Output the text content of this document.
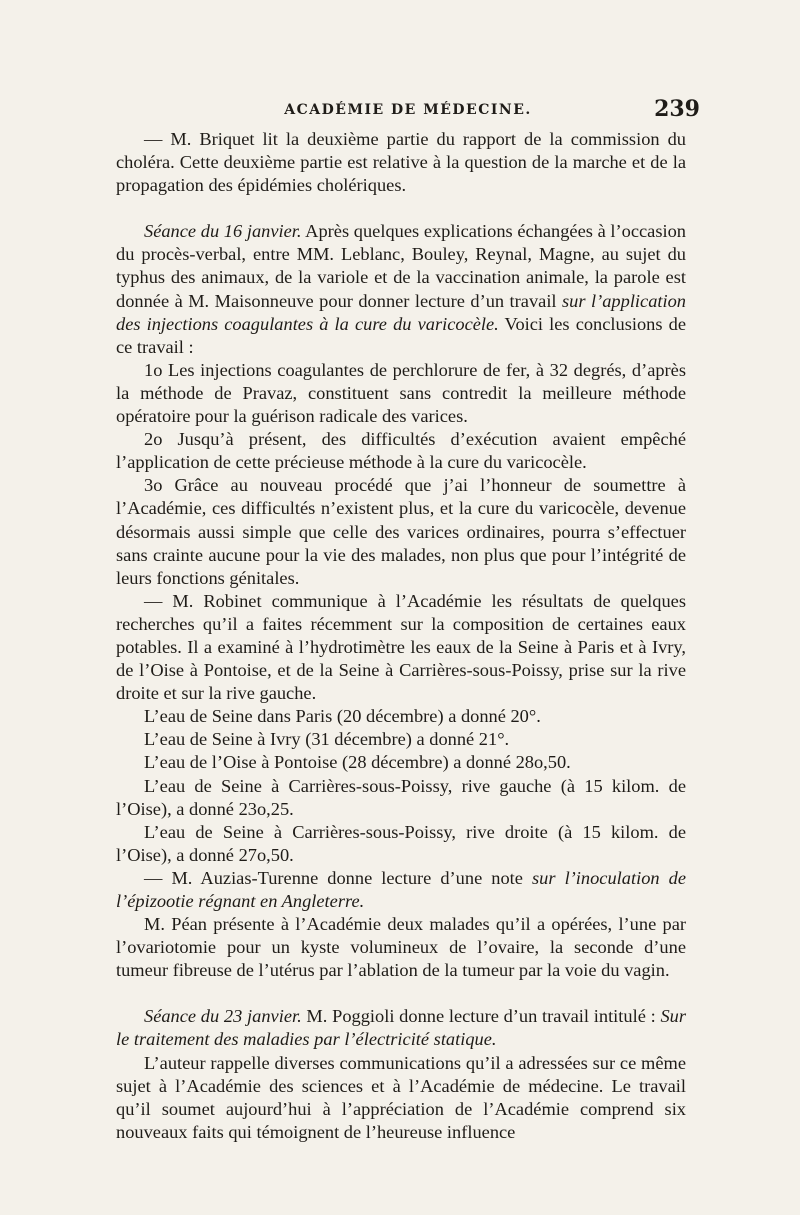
ACADÉMIE DE MÉDECINE.	239

— M. Briquet lit la deuxième partie du rapport de la commission du choléra. Cette deuxième partie est relative à la question de la marche et de la propagation des épidémies cholériques.

Séance du 16 janvier. Après quelques explications échangées à l’occasion du procès-verbal, entre MM. Leblanc, Bouley, Reynal, Magne, au sujet du typhus des animaux, de la variole et de la vaccination animale, la parole est donnée à M. Maisonneuve pour donner lecture d’un travail sur l’application des injections coagulantes à la cure du varicocèle. Voici les conclusions de ce travail :

1o Les injections coagulantes de perchlorure de fer, à 32 degrés, d’après la méthode de Pravaz, constituent sans contredit la meilleure méthode opératoire pour la guérison radicale des varices.

2o Jusqu’à présent, des difficultés d’exécution avaient empêché l’application de cette précieuse méthode à la cure du varicocèle.

3o Grâce au nouveau procédé que j’ai l’honneur de soumettre à l’Académie, ces difficultés n’existent plus, et la cure du varicocèle, devenue désormais aussi simple que celle des varices ordinaires, pourra s’effectuer sans crainte aucune pour la vie des malades, non plus que pour l’intégrité de leurs fonctions génitales.

— M. Robinet communique à l’Académie les résultats de quelques recherches qu’il a faites récemment sur la composition de certaines eaux potables. Il a examiné à l’hydrotimètre les eaux de la Seine à Paris et à Ivry, de l’Oise à Pontoise, et de la Seine à Carrières-sous-Poissy, prise sur la rive droite et sur la rive gauche.

L’eau de Seine dans Paris (20 décembre) a donné 20°.

L’eau de Seine à Ivry (31 décembre) a donné 21°.

L’eau de l’Oise à Pontoise (28 décembre) a donné 28o,50.

L’eau de Seine à Carrières-sous-Poissy, rive gauche (à 15 kilom. de l’Oise), a donné 23o,25.

L’eau de Seine à Carrières-sous-Poissy, rive droite (à 15 kilom. de l’Oise), a donné 27o,50.

— M. Auzias-Turenne donne lecture d’une note sur l’inoculation de l’épizootie régnant en Angleterre.

M. Péan présente à l’Académie deux malades qu’il a opérées, l’une par l’ovariotomie pour un kyste volumineux de l’ovaire, la seconde d’une tumeur fibreuse de l’utérus par l’ablation de la tumeur par la voie du vagin.

Séance du 23 janvier. M. Poggioli donne lecture d’un travail intitulé : Sur le traitement des maladies par l’électricité statique.

L’auteur rappelle diverses communications qu’il a adressées sur ce même sujet à l’Académie des sciences et à l’Académie de médecine. Le travail qu’il soumet aujourd’hui à l’appréciation de l’Académie comprend six nouveaux faits qui témoignent de l’heureuse influence
